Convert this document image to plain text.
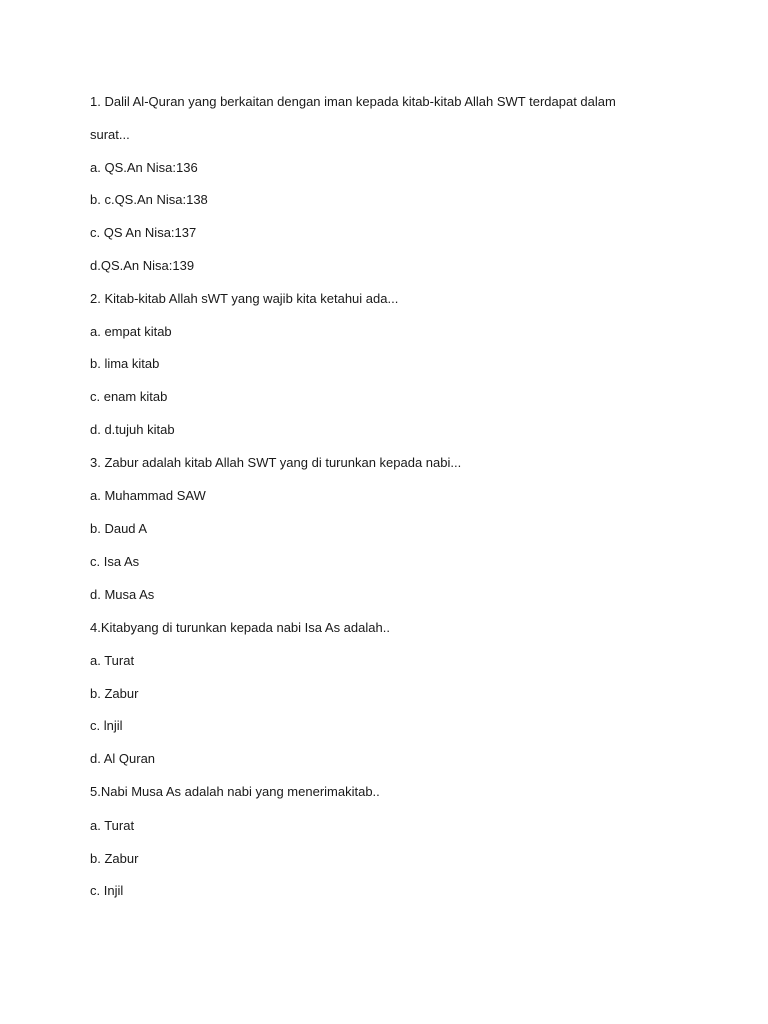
1. Dalil Al-Quran yang berkaitan dengan iman kepada kitab-kitab Allah SWT terdapat dalam
surat...
a. QS.An Nisa:136
b. c.QS.An Nisa:138
c. QS An Nisa:137
d.QS.An Nisa:139
2. Kitab-kitab Allah sWT yang wajib kita ketahui ada...
a. empat kitab
b. lima kitab
c. enam kitab
d. d.tujuh kitab
3. Zabur adalah kitab Allah SWT yang di turunkan kepada nabi...
a. Muhammad SAW
b. Daud A
c. Isa As
d. Musa As
4.Kitabyang di turunkan kepada nabi Isa As adalah..
a. Turat
b. Zabur
c. lnjil
d. Al Quran
5.Nabi Musa As adalah nabi yang menerimakitab..
a. Turat
b. Zabur
c. Injil
